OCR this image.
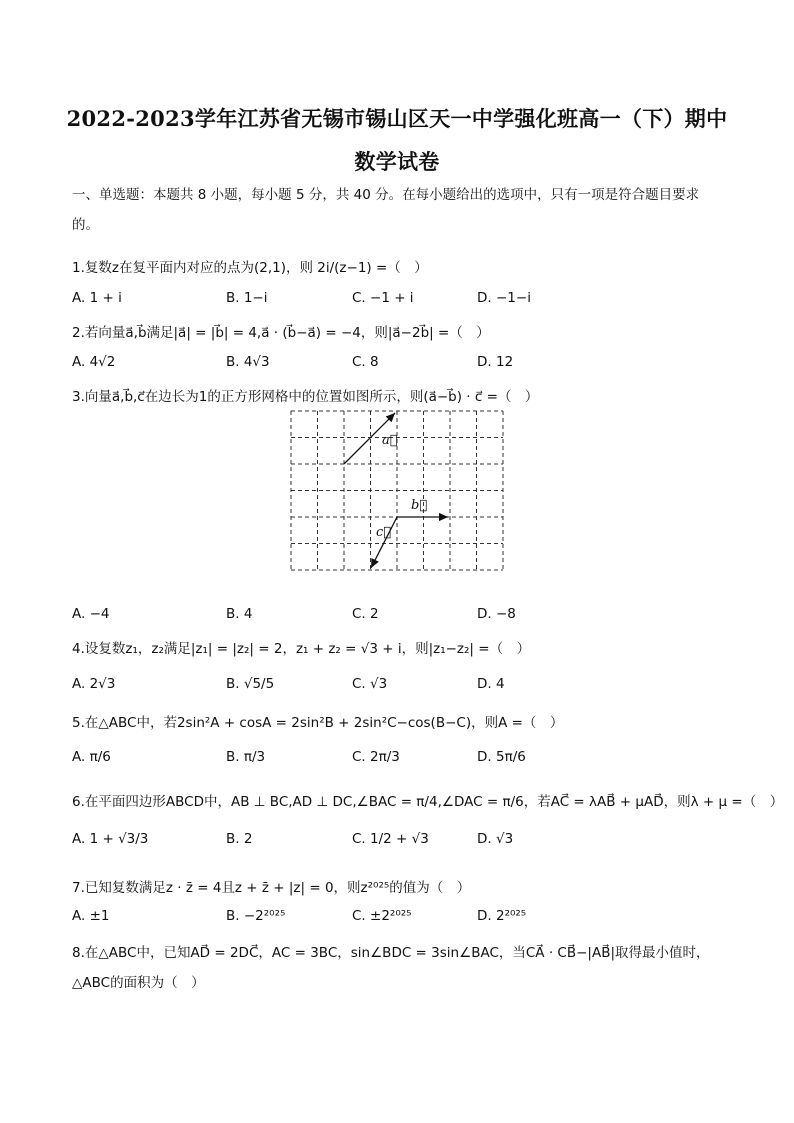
2022-2023学年江苏省无锡市锡山区天一中学强化班高一（下）期中
数学试卷
一、单选题：本题共 8 小题，每小题 5 分，共 40 分。在每小题给出的选项中，只有一项是符合题目要求的。
1.复数z在复平面内对应的点为(2,1)，则 2i/(z−1) =（　）
A. 1 + i	B. 1−i	C. −1 + i	D. −1−i
2.若向量a⃗,b⃗满足|a⃗| = |b⃗| = 4,a⃗ · (b⃗−a⃗) = −4，则|a⃗−2b⃗| =（　）
A. 4√2	B. 4√3	C. 8	D. 12
3.向量a⃗,b⃗,c⃗在边长为1的正方形网格中的位置如图所示，则(a⃗−b⃗) · c⃗ =（　）
a⃗
b⃗
c⃗
A. −4	B. 4	C. 2	D. −8
4.设复数z₁，z₂满足|z₁| = |z₂| = 2，z₁ + z₂ = √3 + i，则|z₁−z₂| =（　）
A. 2√3	B. √5/5	C. √3	D. 4
5.在△ABC中，若2sin²A + cosA = 2sin²B + 2sin²C−cos(B−C)，则A =（　）
A. π/6	B. π/3	C. 2π/3	D. 5π/6
6.在平面四边形ABCD中，AB ⊥ BC,AD ⊥ DC,∠BAC = π/4,∠DAC = π/6，若AC⃗ = λAB⃗ + μAD⃗，则λ + μ =（　）
A. 1 + √3/3	B. 2	C. 1/2 + √3	D. √3
7.已知复数满足z · z̄ = 4且z + z̄ + |z| = 0，则z²⁰²⁵的值为（　）
A. ±1	B. −2²⁰²⁵	C. ±2²⁰²⁵	D. 2²⁰²⁵
8.在△ABC中，已知AD⃗ = 2DC⃗，AC = 3BC，sin∠BDC = 3sin∠BAC，当CA⃗ · CB⃗−|AB⃗|取得最小值时，
△ABC的面积为（　）
